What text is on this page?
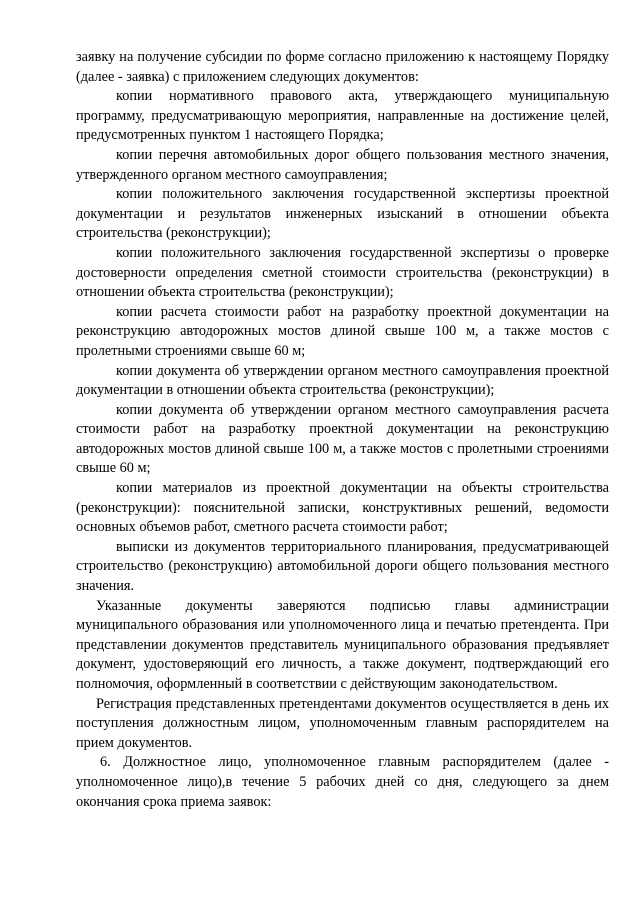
заявку на получение субсидии по форме согласно приложению к настоящему Порядку (далее - заявка) с приложением следующих документов:

копии нормативного правового акта, утверждающего муниципальную программу, предусматривающую мероприятия, направленные на достижение целей, предусмотренных пунктом 1 настоящего Порядка;

копии перечня автомобильных дорог общего пользования местного значения, утвержденного органом местного самоуправления;

копии положительного заключения государственной экспертизы проектной документации и результатов инженерных изысканий в отношении объекта строительства (реконструкции);

копии положительного заключения государственной экспертизы о проверке достоверности определения сметной стоимости строительства (реконструкции) в отношении объекта строительства (реконструкции);

копии расчета стоимости работ на разработку проектной документации на реконструкцию автодорожных мостов длиной свыше 100 м, а также мостов с пролетными строениями свыше 60 м;

копии документа об утверждении органом местного самоуправления проектной документации в отношении объекта строительства (реконструкции);

копии документа об утверждении органом местного самоуправления расчета стоимости работ на разработку проектной документации на реконструкцию автодорожных мостов длиной свыше 100 м, а также мостов с пролетными строениями свыше 60 м;

копии материалов из проектной документации на объекты строительства (реконструкции): пояснительной записки, конструктивных решений, ведомости основных объемов работ, сметного расчета стоимости работ;

выписки из документов территориального планирования, предусматривающей строительство (реконструкцию) автомобильной дороги общего пользования местного значения.

Указанные документы заверяются подписью главы администрации муниципального образования или уполномоченного лица и печатью претендента. При представлении документов представитель муниципального образования предъявляет документ, удостоверяющий его личность, а также документ, подтверждающий его полномочия, оформленный в соответствии с действующим законодательством.

Регистрация представленных претендентами документов осуществляется в день их поступления должностным лицом, уполномоченным главным распорядителем на прием документов.

6. Должностное лицо, уполномоченное главным распорядителем (далее - уполномоченное лицо),в течение 5 рабочих дней со дня, следующего за днем окончания срока приема заявок:
